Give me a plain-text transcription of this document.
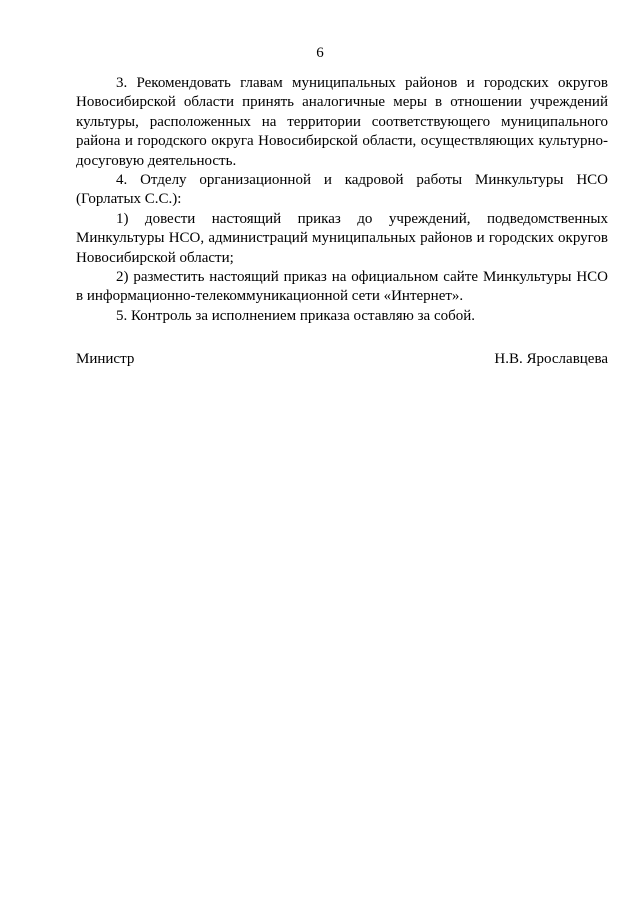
6

3. Рекомендовать главам муниципальных районов и городских округов Новосибирской области принять аналогичные меры в отношении учреждений культуры, расположенных на территории соответствующего муниципального района и городского округа Новосибирской области, осуществляющих культурно-досуговую деятельность.

4. Отделу организационной и кадровой работы Минкультуры НСО (Горлатых С.С.):

1) довести настоящий приказ до учреждений, подведомственных Минкультуры НСО, администраций муниципальных районов и городских округов Новосибирской области;

2) разместить настоящий приказ на официальном сайте Минкультуры НСО в информационно-телекоммуникационной сети «Интернет».

5. Контроль за исполнением приказа оставляю за собой.

Министр	Н.В. Ярославцева
